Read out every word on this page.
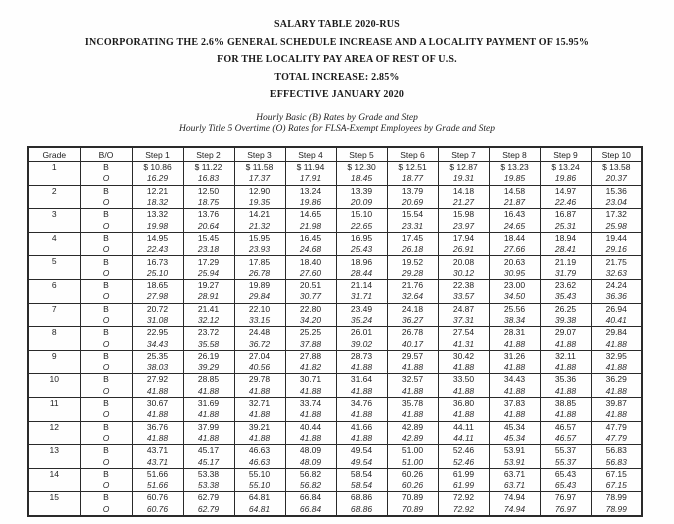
SALARY TABLE 2020-RUS
INCORPORATING THE 2.6% GENERAL SCHEDULE INCREASE AND A LOCALITY PAYMENT OF 15.95%
FOR THE LOCALITY PAY AREA OF REST OF U.S.
TOTAL INCREASE: 2.85%
EFFECTIVE JANUARY 2020
Hourly Basic (B) Rates by Grade and Step
Hourly Title 5 Overtime (O) Rates for FLSA-Exempt Employees by Grade and Step
Grade	B/O	Step 1	Step 2	Step 3	Step 4	Step 5	Step 6	Step 7	Step 8	Step 9	Step 10
1	B	$ 10.86	$ 11.22	$ 11.58	$ 11.94	$ 12.30	$ 12.51	$ 12.87	$ 13.23	$ 13.24	$ 13.58
	O	16.29	16.83	17.37	17.91	18.45	18.77	19.31	19.85	19.86	20.37
2	B	12.21	12.50	12.90	13.24	13.39	13.79	14.18	14.58	14.97	15.36
	O	18.32	18.75	19.35	19.86	20.09	20.69	21.27	21.87	22.46	23.04
3	B	13.32	13.76	14.21	14.65	15.10	15.54	15.98	16.43	16.87	17.32
	O	19.98	20.64	21.32	21.98	22.65	23.31	23.97	24.65	25.31	25.98
4	B	14.95	15.45	15.95	16.45	16.95	17.45	17.94	18.44	18.94	19.44
	O	22.43	23.18	23.93	24.68	25.43	26.18	26.91	27.66	28.41	29.16
5	B	16.73	17.29	17.85	18.40	18.96	19.52	20.08	20.63	21.19	21.75
	O	25.10	25.94	26.78	27.60	28.44	29.28	30.12	30.95	31.79	32.63
6	B	18.65	19.27	19.89	20.51	21.14	21.76	22.38	23.00	23.62	24.24
	O	27.98	28.91	29.84	30.77	31.71	32.64	33.57	34.50	35.43	36.36
7	B	20.72	21.41	22.10	22.80	23.49	24.18	24.87	25.56	26.25	26.94
	O	31.08	32.12	33.15	34.20	35.24	36.27	37.31	38.34	39.38	40.41
8	B	22.95	23.72	24.48	25.25	26.01	26.78	27.54	28.31	29.07	29.84
	O	34.43	35.58	36.72	37.88	39.02	40.17	41.31	41.88	41.88	41.88
9	B	25.35	26.19	27.04	27.88	28.73	29.57	30.42	31.26	32.11	32.95
	O	38.03	39.29	40.56	41.82	41.88	41.88	41.88	41.88	41.88	41.88
10	B	27.92	28.85	29.78	30.71	31.64	32.57	33.50	34.43	35.36	36.29
	O	41.88	41.88	41.88	41.88	41.88	41.88	41.88	41.88	41.88	41.88
11	B	30.67	31.69	32.71	33.74	34.76	35.78	36.80	37.83	38.85	39.87
	O	41.88	41.88	41.88	41.88	41.88	41.88	41.88	41.88	41.88	41.88
12	B	36.76	37.99	39.21	40.44	41.66	42.89	44.11	45.34	46.57	47.79
	O	41.88	41.88	41.88	41.88	41.88	42.89	44.11	45.34	46.57	47.79
13	B	43.71	45.17	46.63	48.09	49.54	51.00	52.46	53.91	55.37	56.83
	O	43.71	45.17	46.63	48.09	49.54	51.00	52.46	53.91	55.37	56.83
14	B	51.66	53.38	55.10	56.82	58.54	60.26	61.99	63.71	65.43	67.15
	O	51.66	53.38	55.10	56.82	58.54	60.26	61.99	63.71	65.43	67.15
15	B	60.76	62.79	64.81	66.84	68.86	70.89	72.92	74.94	76.97	78.99
	O	60.76	62.79	64.81	66.84	68.86	70.89	72.92	74.94	76.97	78.99
